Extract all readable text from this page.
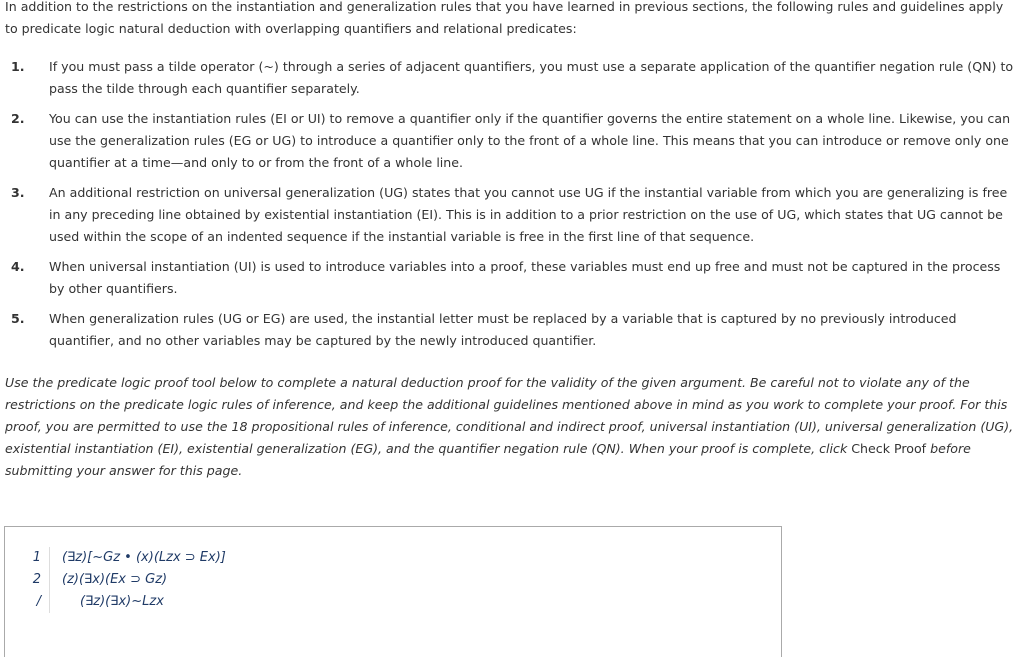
In addition to the restrictions on the instantiation and generalization rules that you have learned in previous sections, the following rules and guidelines apply to predicate logic natural deduction with overlapping quantifiers and relational predicates:

1.	If you must pass a tilde operator (~) through a series of adjacent quantifiers, you must use a separate application of the quantifier negation rule (QN) to pass the tilde through each quantifier separately.
2.	You can use the instantiation rules (EI or UI) to remove a quantifier only if the quantifier governs the entire statement on a whole line. Likewise, you can use the generalization rules (EG or UG) to introduce a quantifier only to the front of a whole line. This means that you can introduce or remove only one quantifier at a time—and only to or from the front of a whole line.
3.	An additional restriction on universal generalization (UG) states that you cannot use UG if the instantial variable from which you are generalizing is free in any preceding line obtained by existential instantiation (EI). This is in addition to a prior restriction on the use of UG, which states that UG cannot be used within the scope of an indented sequence if the instantial variable is free in the first line of that sequence.
4.	When universal instantiation (UI) is used to introduce variables into a proof, these variables must end up free and must not be captured in the process by other quantifiers.
5.	When generalization rules (UG or EG) are used, the instantial letter must be replaced by a variable that is captured by no previously introduced quantifier, and no other variables may be captured by the newly introduced quantifier.

Use the predicate logic proof tool below to complete a natural deduction proof for the validity of the given argument. Be careful not to violate any of the restrictions on the predicate logic rules of inference, and keep the additional guidelines mentioned above in mind as you work to complete your proof. For this proof, you are permitted to use the 18 propositional rules of inference, conditional and indirect proof, universal instantiation (UI), universal generalization (UG), existential instantiation (EI), existential generalization (EG), and the quantifier negation rule (QN). When your proof is complete, click Check Proof before submitting your answer for this page.

1	(∃z)[~Gz • (x)(Lzx ⊃ Ex)]
2	(z)(∃x)(Ex ⊃ Gz)
/	(∃z)(∃x)~Lzx
